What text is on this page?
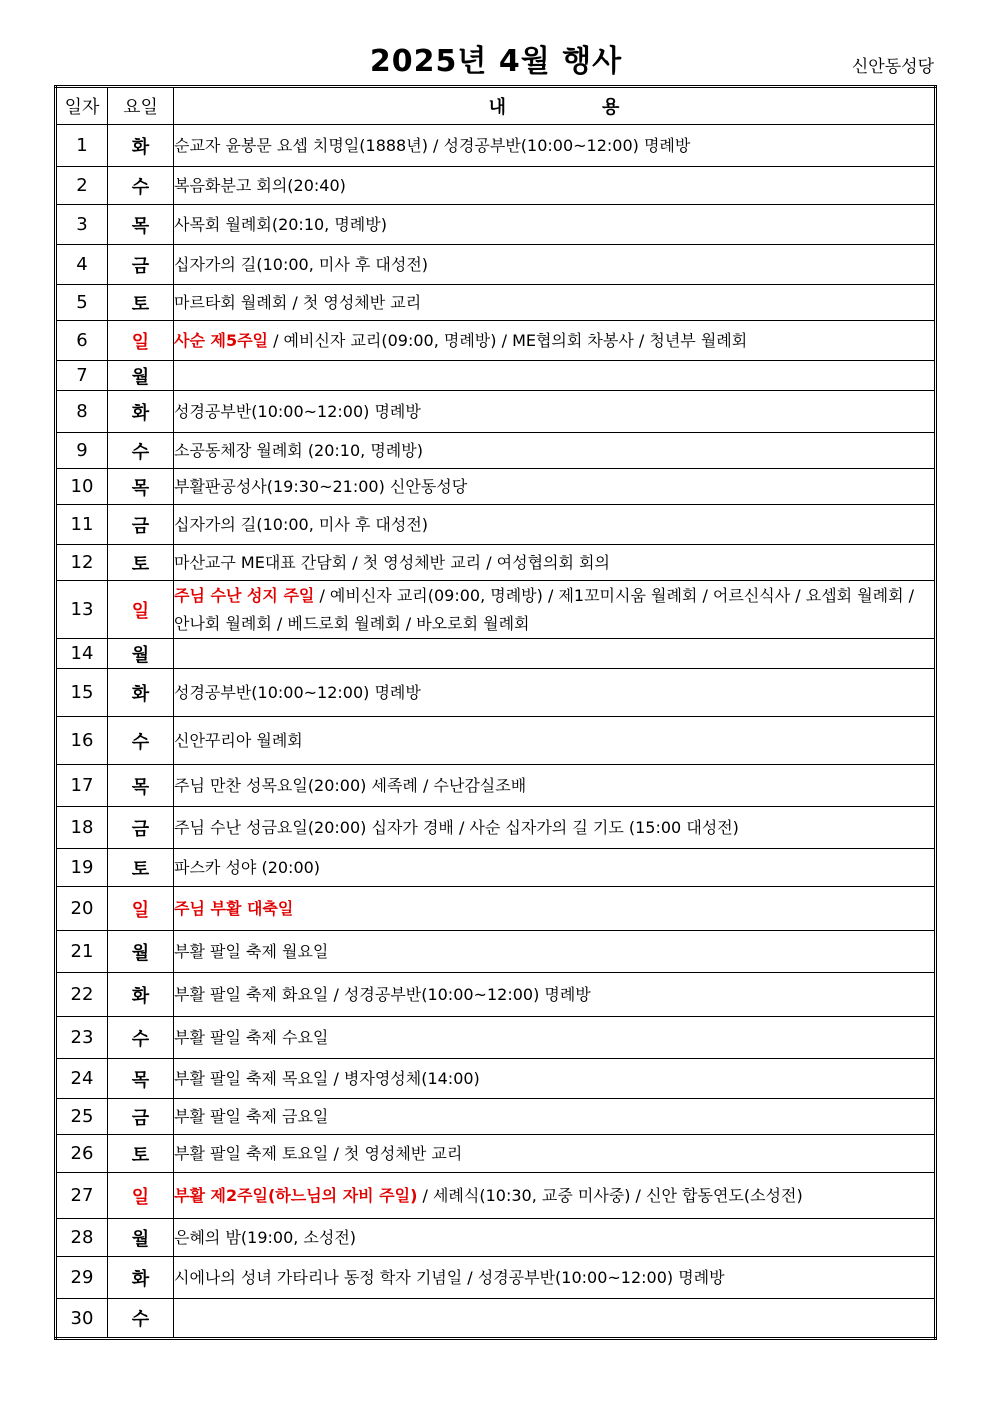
2025년 4월 행사	신안동성당
일자	요일	내 용
1	화	순교자 윤봉문 요셉 치명일(1888년) / 성경공부반(10:00~12:00) 명례방
2	수	복음화분고 회의(20:40)
3	목	사목회 월례회(20:10, 명례방)
4	금	십자가의 길(10:00, 미사 후 대성전)
5	토	마르타회 월례회 / 첫 영성체반 교리
6	일	사순 제5주일 / 예비신자 교리(09:00, 명례방) / ME협의회 차봉사 / 청년부 월례회
7	월	
8	화	성경공부반(10:00~12:00) 명례방
9	수	소공동체장 월례회 (20:10, 명례방)
10	목	부활판공성사(19:30~21:00) 신안동성당
11	금	십자가의 길(10:00, 미사 후 대성전)
12	토	마산교구 ME대표 간담회 / 첫 영성체반 교리 / 여성협의회 회의
13	일	주님 수난 성지 주일 / 예비신자 교리(09:00, 명례방) / 제1꼬미시움 월례회 / 어르신식사 / 요셉회 월례회 / 안나회 월례회 / 베드로회 월례회 / 바오로회 월례회
14	월	
15	화	성경공부반(10:00~12:00) 명례방
16	수	신안꾸리아 월례회
17	목	주님 만찬 성목요일(20:00) 세족례 / 수난감실조배
18	금	주님 수난 성금요일(20:00) 십자가 경배 / 사순 십자가의 길 기도 (15:00 대성전)
19	토	파스카 성야 (20:00)
20	일	주님 부활 대축일
21	월	부활 팔일 축제 월요일
22	화	부활 팔일 축제 화요일 / 성경공부반(10:00~12:00) 명례방
23	수	부활 팔일 축제 수요일
24	목	부활 팔일 축제 목요일 / 병자영성체(14:00)
25	금	부활 팔일 축제 금요일
26	토	부활 팔일 축제 토요일 / 첫 영성체반 교리
27	일	부활 제2주일(하느님의 자비 주일) / 세례식(10:30, 교중 미사중) / 신안 합동연도(소성전)
28	월	은혜의 밤(19:00, 소성전)
29	화	시에나의 성녀 가타리나 동정 학자 기념일 / 성경공부반(10:00~12:00) 명례방
30	수	
